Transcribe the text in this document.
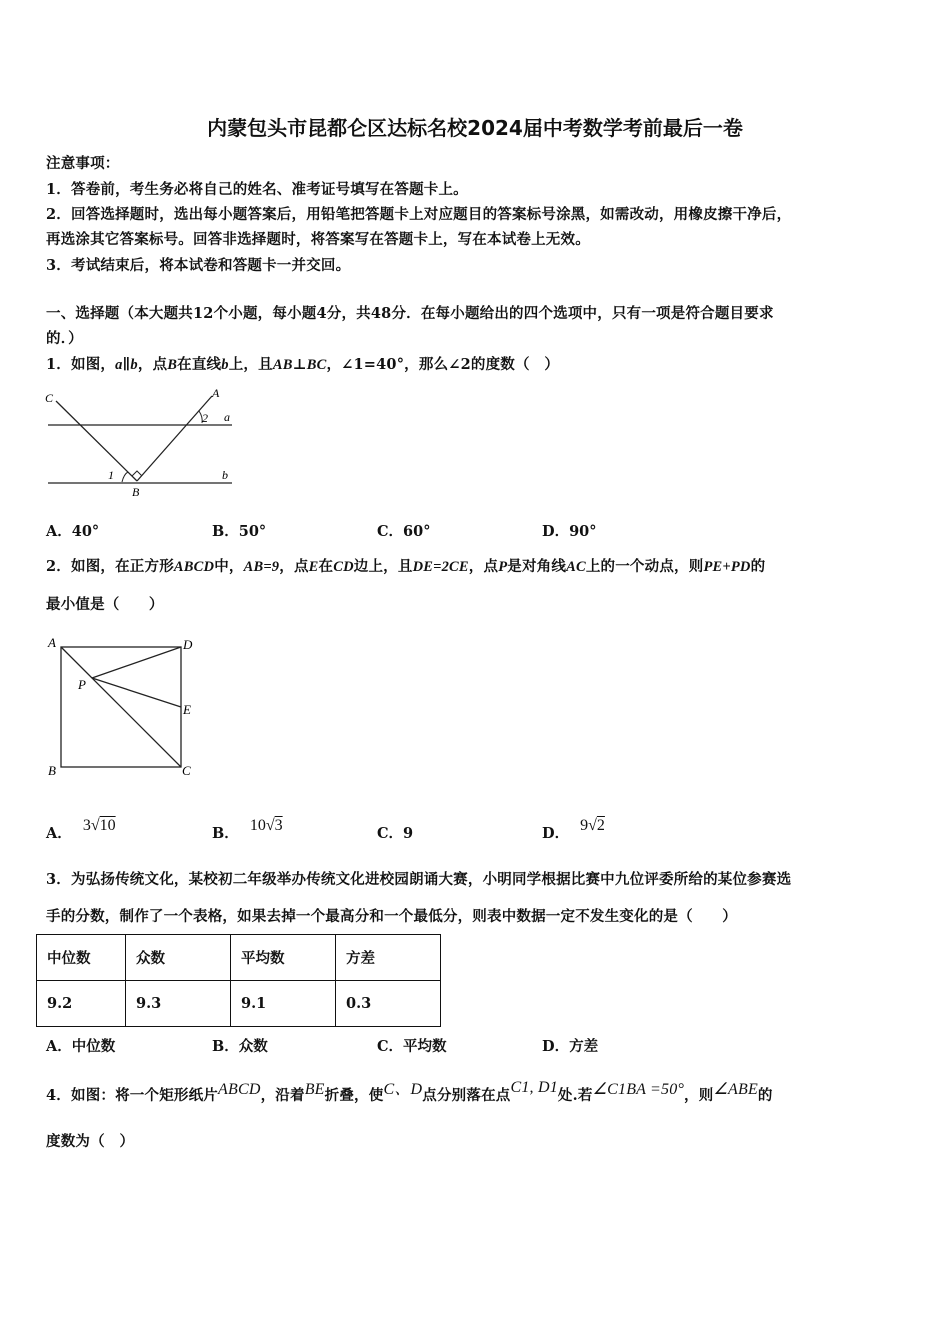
内蒙包头市昆都仑区达标名校2024届中考数学考前最后一卷
注意事项：
1．答卷前，考生务必将自己的姓名、准考证号填写在答题卡上。
2．回答选择题时，选出每小题答案后，用铅笔把答题卡上对应题目的答案标号涂黑，如需改动，用橡皮擦干净后，
再选涂其它答案标号。回答非选择题时，将答案写在答题卡上，写在本试卷上无效。
3．考试结束后，将本试卷和答题卡一并交回。
一、选择题（本大题共12个小题，每小题4分，共48分．在每小题给出的四个选项中，只有一项是符合题目要求
的．）
1．如图，a∥b，点B在直线b上，且AB⊥BC，∠1=40°，那么∠2的度数（　）
C	A
a
b
1
2
B
A．40°	B．50°	C．60°	D．90°
2．如图，在正方形ABCD中，AB=9，点E在CD边上，且DE=2CE，点P是对角线AC上的一个动点，则PE+PD的
最小值是（　　）
A	D
P
E
B	C
A． 3√10	B． 10√3	C．9	D． 9√2
3．为弘扬传统文化，某校初二年级举办传统文化进校园朗诵大赛，小明同学根据比赛中九位评委所给的某位参赛选
手的分数，制作了一个表格，如果去掉一个最高分和一个最低分，则表中数据一定不发生变化的是（　　）
中位数	众数	平均数	方差
9.2	9.3	9.1	0.3
A．中位数	B．众数	C．平均数	D．方差
4．如图：将一个矩形纸片ABCD，沿着BE折叠，使C、D点分别落在点C1, D1处.若∠C1BA =50°，则∠ABE的
度数为（　）
